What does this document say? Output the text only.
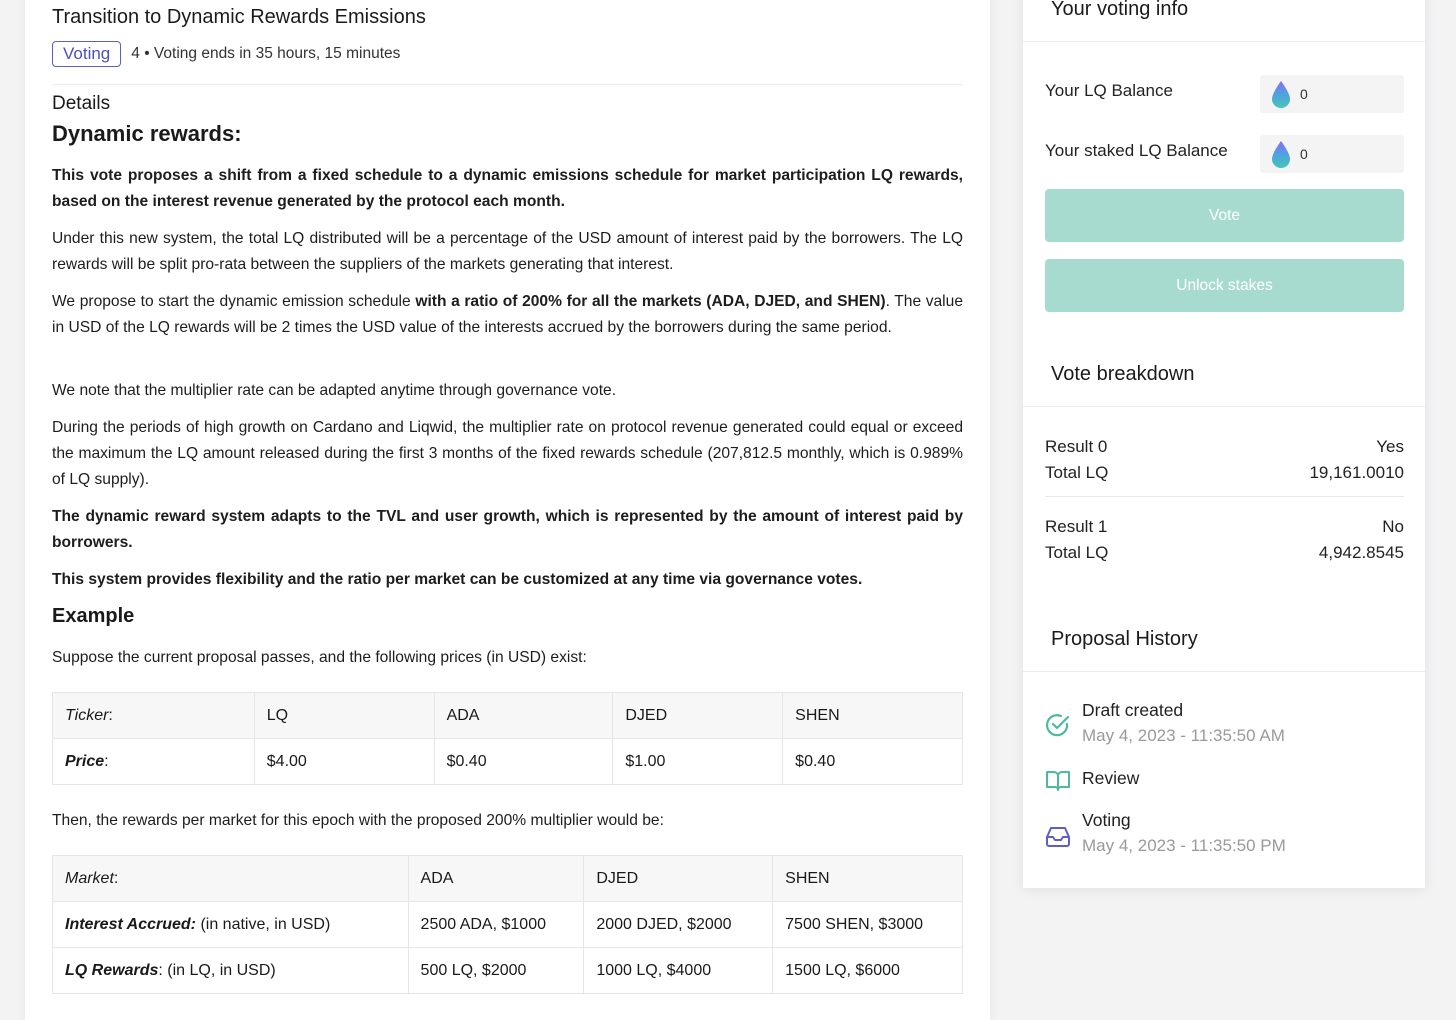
Transition to Dynamic Rewards Emissions
Voting	4 • Voting ends in 35 hours, 15 minutes
Details
Dynamic rewards:

This vote proposes a shift from a fixed schedule to a dynamic emissions schedule for market participation LQ rewards, based on the interest revenue generated by the protocol each month.

Under this new system, the total LQ distributed will be a percentage of the USD amount of interest paid by the borrowers. The LQ rewards will be split pro-rata between the suppliers of the markets generating that interest.

We propose to start the dynamic emission schedule with a ratio of 200% for all the markets (ADA, DJED, and SHEN). The value in USD of the LQ rewards will be 2 times the USD value of the interests accrued by the borrowers during the same period.

We note that the multiplier rate can be adapted anytime through governance vote.

During the periods of high growth on Cardano and Liqwid, the multiplier rate on protocol revenue generated could equal or exceed the maximum the LQ amount released during the first 3 months of the fixed rewards schedule (207,812.5 monthly, which is 0.989% of LQ supply).

The dynamic reward system adapts to the TVL and user growth, which is represented by the amount of interest paid by borrowers.

This system provides flexibility and the ratio per market can be customized at any time via governance votes.

Example

Suppose the current proposal passes, and the following prices (in USD) exist:

Ticker:	LQ	ADA	DJED	SHEN
Price:	$4.00	$0.40	$1.00	$0.40

Then, the rewards per market for this epoch with the proposed 200% multiplier would be:

Market:	ADA	DJED	SHEN
Interest Accrued: (in native, in USD)	2500 ADA, $1000	2000 DJED, $2000	7500 SHEN, $3000
LQ Rewards: (in LQ, in USD)	500 LQ, $2000	1000 LQ, $4000	1500 LQ, $6000
Your voting info
Your LQ Balance	0
Your staked LQ Balance	0
Vote
Unlock stakes
Vote breakdown
Result 0	Yes
Total LQ	19,161.0010
Result 1	No
Total LQ	4,942.8545
Proposal History
Draft created
May 4, 2023 - 11:35:50 AM
Review
Voting
May 4, 2023 - 11:35:50 PM
